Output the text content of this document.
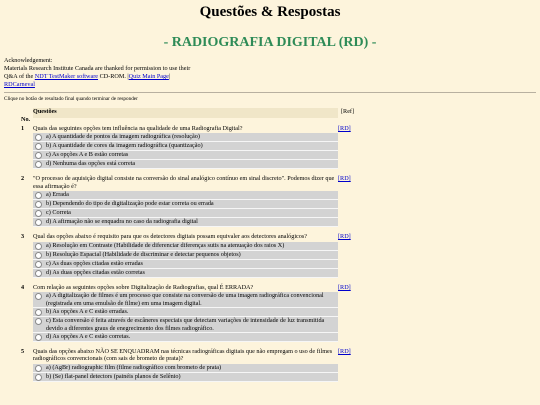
Questões & Respostas
- RADIOGRAFIA DIGITAL (RD) -
Acknowledgement:
Materials Research Institute Canada are thanked for permission to use their
Q&A of the NDT TestMaker software CD-ROM. |Quiz Main Page|
RDCarneval
Clique no botão de resultado final quando terminar de responder
No.	Questões	[Ref]

1	Quais das seguintes opções tem influência na qualidade de uma Radiografia Digital?	[RD]

	a) A quantidade de pontos da imagem radiográfica (resolução)	

	b) A quantidade de cores da imagem radiográfica (quantização)	

	c) As opções A e B estão corretas	

	d) Nenhuma das opções está correta	

2	"O processo de aquisição digital consiste na conversão do sinal analógico contínuo em sinal discreto". Podemos dizer que essa afirmação é?	[RD]

	a) Errada	

	b) Dependendo do tipo de digitalização pode estar correta ou errada	

	c) Correta	

	d) A afirmação não se enquadra no caso da radiografia digital	

3	Qual das opções abaixo é requisito para que os detectores digitais possam equivaler aos detectores analógicos?	[RD]

	a) Resolução em Contraste (Habilidade de diferenciar diferenças sutis na atenuação dos raios X)	

	b) Resolução Espacial (Habilidade de discriminar e detectar pequenos objetos)	

	c) As duas opções citadas estão erradas	

	d) As duas opções citadas estão corretas	

4	Com relação as seguintes opções sobre Digitalização de Radiografias, qual É ERRADA?	[RD]

	a) A digitalização de filmes é um processo que consiste na conversão de uma imagem radiográfica convencional (registrada em uma emulsão de filme) em uma imagem digital.	

	b) As opções A e C estão erradas.	

	c) Esta conversão é feita através de escâneres especiais que detectam variações de intensidade de luz transmitida devido a diferentes graus de enegrecimento dos filmes radiográfico.	

	d) As opções A e C estão corretas.	

5	Quais das opções abaixo NÃO SE ENQUADRAM nas técnicas radiográficas digitais que não empregam o uso de filmes radiográficos convencionais (com sais de brometo de prata)?	[RD]

	a) (AgBr) radiographic film (filme radiográfico com brometo de prata)	

	b) (Se) flat-panel detectors (painéis planos de Selênio)	
